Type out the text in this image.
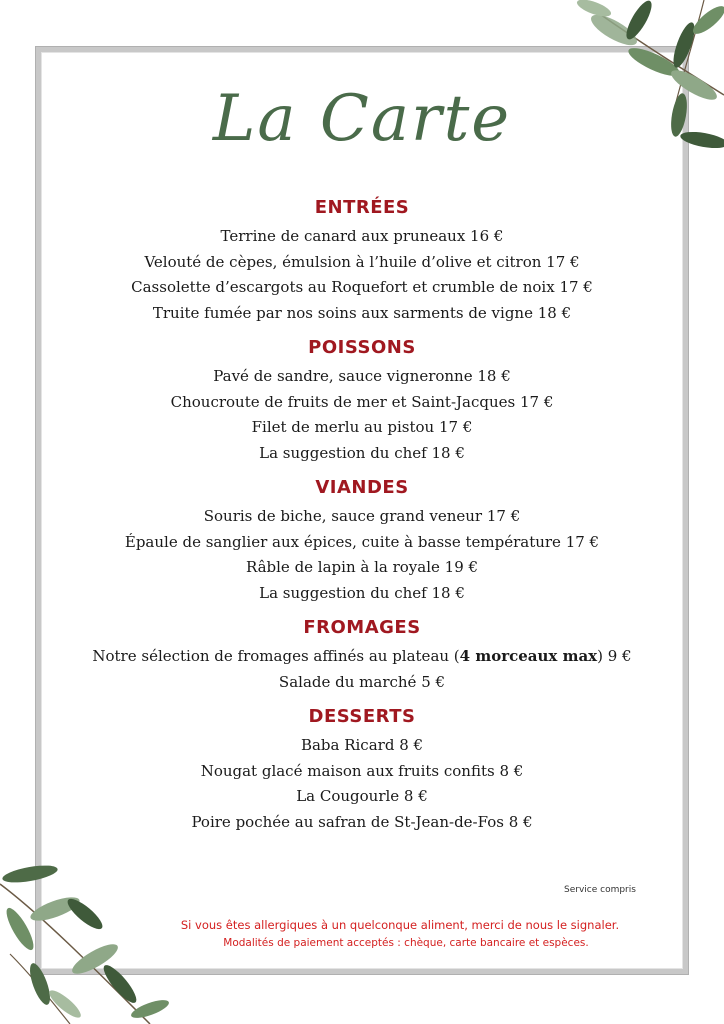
La Carte
ENTRÉES
Terrine de canard aux pruneaux 16 €
Velouté de cèpes, émulsion à l’huile d’olive et citron 17 €
Cassolette d’escargots au Roquefort et crumble de noix 17 €
Truite fumée par nos soins aux sarments de vigne 18 €
POISSONS
Pavé de sandre, sauce vigneronne 18 €
Choucroute de fruits de mer et Saint-Jacques 17 €
Filet de merlu au pistou 17 €
La suggestion du chef 18 €
VIANDES
Souris de biche, sauce grand veneur 17 €
Épaule de sanglier aux épices, cuite à basse température 17 €
Râble de lapin à la royale 19 €
La suggestion du chef 18 €
FROMAGES
Notre sélection de fromages affinés au plateau (4 morceaux max) 9 €
Salade du marché 5 €
DESSERTS
Baba Ricard 8 €
Nougat glacé maison aux fruits confits 8 €
La Cougourle 8 €
Poire pochée au safran de St-Jean-de-Fos 8 €
Service compris
Si vous êtes allergiques à un quelconque aliment, merci de nous le signaler.
Modalités de paiement acceptés : chèque, carte bancaire et espèces.
